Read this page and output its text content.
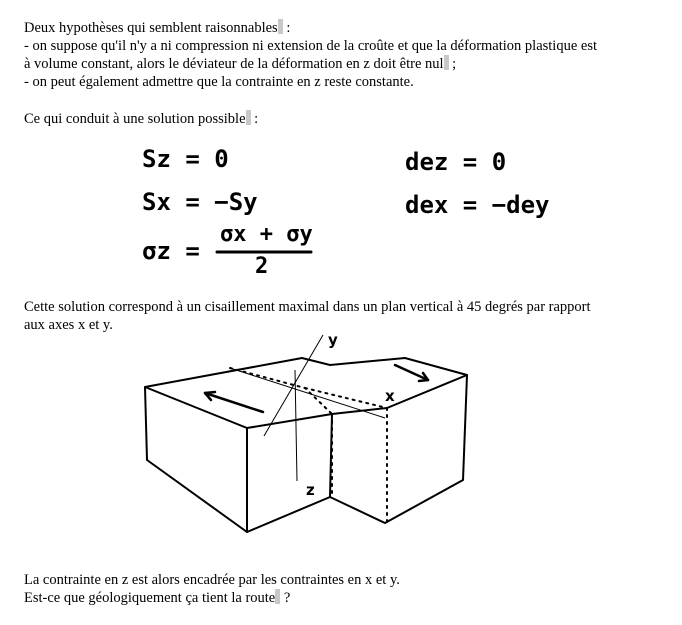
Deux hypothèses qui semblent raisonnables :
- on suppose qu'il n'y a ni compression ni extension de la croûte et que la déformation plastique est
à volume constant, alors le déviateur de la déformation en z doit être nul ;
- on peut également admettre que la contrainte en z reste constante.
Ce qui conduit à une solution possible :
Sz = 0
Sx = −Sy
σz =
σx + σy
2
dez = 0
dex = −dey
Cette solution correspond à un cisaillement maximal dans un plan vertical à 45 degrés par rapport
aux axes x et y.
y
x
z
La contrainte en z est alors encadrée par les contraintes en x et y.
Est-ce que géologiquement ça tient la route ?
